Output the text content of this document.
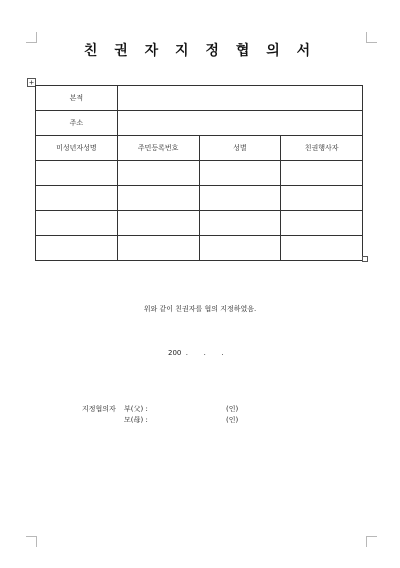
친 권 자 지 정 협 의 서
+
본적			
주소			
미성년자성명	주민등록번호	성별	친권행사자

위와 같이 친권자를 협의 지정하였음.
200  .       .       .
지정협의자 부(父) :	(인)
모(母) :	(인)
